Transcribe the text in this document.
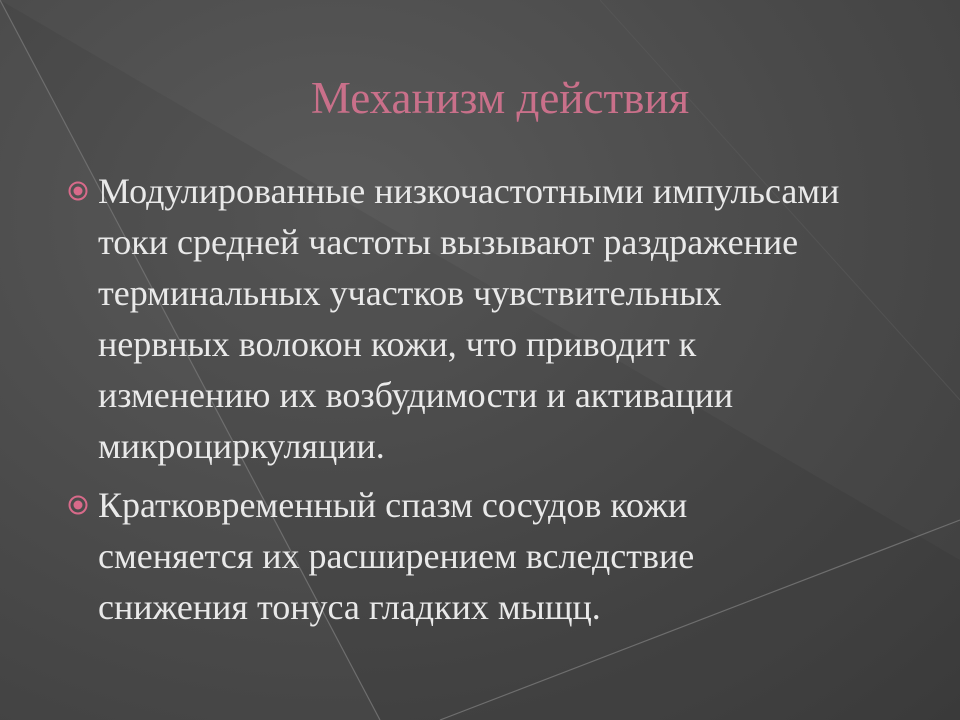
Механизм действия
Модулированные низкочастотными импульсами
токи средней частоты вызывают раздражение
терминальных участков чувствительных
нервных волокон кожи, что приводит к
изменению их возбудимости и активации
микроциркуляции.
Кратковременный спазм сосудов кожи
сменяется их расширением вследствие
снижения тонуса гладких мыщц.
